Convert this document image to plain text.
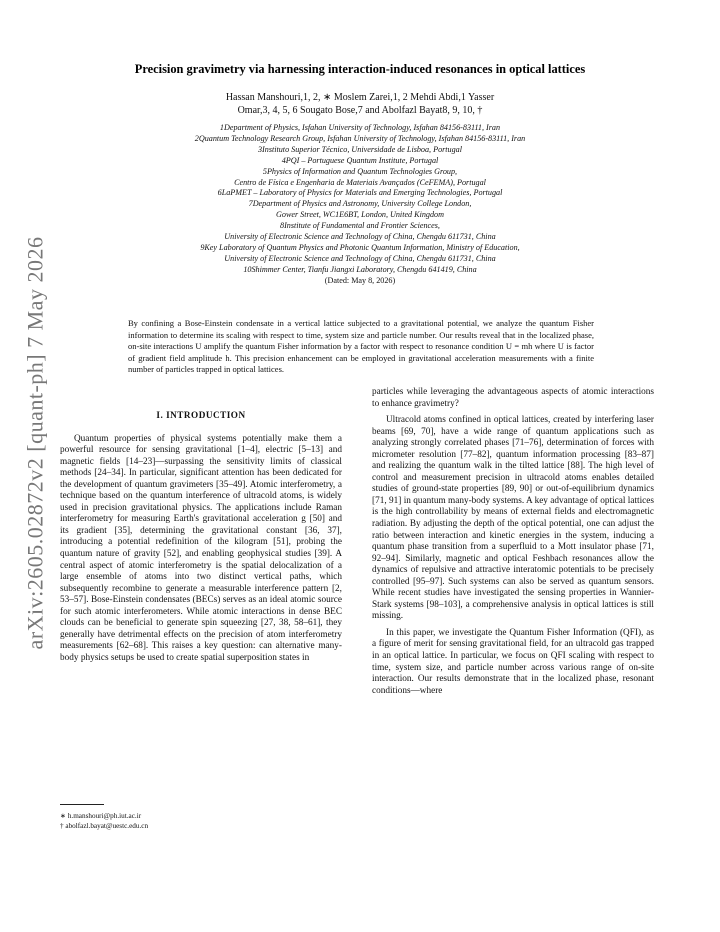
arXiv:2605.02872v2 [quant-ph] 7 May 2026
Precision gravimetry via harnessing interaction-induced resonances in optical lattices
Hassan Manshouri,1, 2, ∗ Moslem Zarei,1, 2 Mehdi Abdi,1 Yasser
Omar,3, 4, 5, 6 Sougato Bose,7 and Abolfazl Bayat8, 9, 10, †
1Department of Physics, Isfahan University of Technology, Isfahan 84156-83111, Iran
2Quantum Technology Research Group, Isfahan University of Technology, Isfahan 84156-83111, Iran
3Instituto Superior Técnico, Universidade de Lisboa, Portugal
4PQI – Portuguese Quantum Institute, Portugal
5Physics of Information and Quantum Technologies Group,
Centro de Física e Engenharia de Materiais Avançados (CeFEMA), Portugal
6LaPMET – Laboratory of Physics for Materials and Emerging Technologies, Portugal
7Department of Physics and Astronomy, University College London,
Gower Street, WC1E6BT, London, United Kingdom
8Institute of Fundamental and Frontier Sciences,
University of Electronic Science and Technology of China, Chengdu 611731, China
9Key Laboratory of Quantum Physics and Photonic Quantum Information, Ministry of Education,
University of Electronic Science and Technology of China, Chengdu 611731, China
10Shimmer Center, Tianfu Jiangxi Laboratory, Chengdu 641419, China
(Dated: May 8, 2026)
By confining a Bose-Einstein condensate in a vertical lattice subjected to a gravitational potential, we analyze the quantum Fisher information to determine its scaling with respect to time, system size and particle number. Our results reveal that in the localized phase, on-site interactions U amplify the quantum Fisher information by a factor with respect to resonance condition U = mh where U is factor of gradient field amplitude h. This precision enhancement can be employed in gravitational acceleration measurements with a finite number of particles trapped in optical lattices.
I. INTRODUCTION

Quantum properties of physical systems potentially make them a powerful resource for sensing gravitational [1–4], electric [5–13] and magnetic fields [14–23]—surpassing the sensitivity limits of classical methods [24–34]. In particular, significant attention has been dedicated for the development of quantum gravimeters [35–49]. Atomic interferometry, a technique based on the quantum interference of ultracold atoms, is widely used in precision gravitational physics. The applications include Raman interferometry for measuring Earth's gravitational acceleration g [50] and its gradient [35], determining the gravitational constant [36, 37], introducing a potential redefinition of the kilogram [51], probing the quantum nature of gravity [52], and enabling geophysical studies [39]. A central aspect of atomic interferometry is the spatial delocalization of a large ensemble of atoms into two distinct vertical paths, which subsequently recombine to generate a measurable interference pattern [2, 53–57]. Bose-Einstein condensates (BECs) serves as an ideal atomic source for such atomic interferometers. While atomic interactions in dense BEC clouds can be beneficial to generate spin squeezing [27, 38, 58–61], they generally have detrimental effects on the precision of atom interferometry measurements [62–68]. This raises a key question: can alternative many-body physics setups be used to create spatial superposition states in

particles while leveraging the advantageous aspects of atomic interactions to enhance gravimetry?

Ultracold atoms confined in optical lattices, created by interfering laser beams [69, 70], have a wide range of quantum applications such as analyzing strongly correlated phases [71–76], determination of forces with micrometer resolution [77–82], quantum information processing [83–87] and realizing the quantum walk in the tilted lattice [88]. The high level of control and measurement precision in ultracold atoms enables detailed studies of ground-state properties [89, 90] or out-of-equilibrium dynamics [71, 91] in quantum many-body systems. A key advantage of optical lattices is the high controllability by means of external fields and electromagnetic radiation. By adjusting the depth of the optical potential, one can adjust the ratio between interaction and kinetic energies in the system, inducing a quantum phase transition from a superfluid to a Mott insulator phase [71, 92–94]. Similarly, magnetic and optical Feshbach resonances allow the dynamics of repulsive and attractive interatomic potentials to be precisely controlled [95–97]. Such systems can also be served as quantum sensors. While recent studies have investigated the sensing properties in Wannier-Stark systems [98–103], a comprehensive analysis in optical lattices is still missing.

In this paper, we investigate the Quantum Fisher Information (QFI), as a figure of merit for sensing gravitational field, for an ultracold gas trapped in an optical lattice. In particular, we focus on QFI scaling with respect to time, system size, and particle number across various range of on-site interaction. Our results demonstrate that in the localized phase, resonant conditions—where

∗ h.manshouri@ph.iut.ac.ir
† abolfazl.bayat@uestc.edu.cn
